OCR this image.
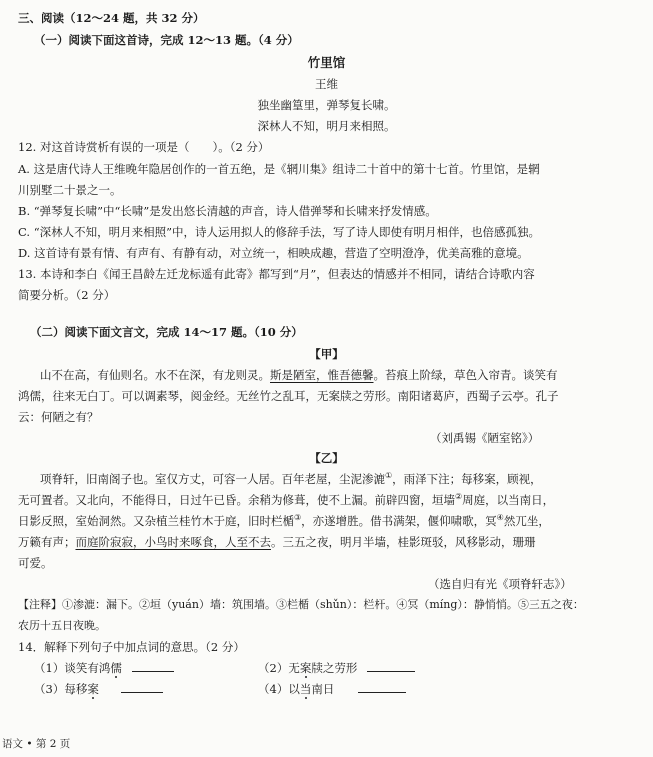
三、阅读（12～24 题，共 32 分）
（一）阅读下面这首诗，完成 12～13 题。（4 分）
竹里馆
王维
独坐幽篁里，弹琴复长啸。
深林人不知，明月来相照。
12. 对这首诗赏析有误的一项是（　　）。（2 分）
A. 这是唐代诗人王维晚年隐居创作的一首五绝，是《辋川集》组诗二十首中的第十七首。竹里馆，是辋
川别墅二十景之一。
B. “弹琴复长啸”中“长啸”是发出悠长清越的声音，诗人借弹琴和长啸来抒发情感。
C. “深林人不知，明月来相照”中，诗人运用拟人的修辞手法，写了诗人即使有明月相伴，也倍感孤独。
D. 这首诗有景有情、有声有、有静有动，对立统一，相映成趣，营造了空明澄净，优美高雅的意境。
13. 本诗和李白《闻王昌龄左迁龙标遥有此寄》都写到“月”，但表达的情感并不相同，请结合诗歌内容
简要分析。（2 分）
（二）阅读下面文言文，完成 14～17 题。（10 分）
【甲】
山不在高，有仙则名。水不在深，有龙则灵。斯是陋室，惟吾德馨。苔痕上阶绿，草色入帘青。谈笑有
鸿儒，往来无白丁。可以调素琴，阅金经。无丝竹之乱耳，无案牍之劳形。南阳诸葛庐，西蜀子云亭。孔子
云：何陋之有？
（刘禹锡《陋室铭》）
【乙】
项脊轩，旧南阁子也。室仅方丈，可容一人居。百年老屋，尘泥渗漉①，雨泽下注；每移案，顾视，
无可置者。又北向，不能得日，日过午已昏。余稍为修葺，使不上漏。前辟四窗，垣墙②周庭，以当南日，
日影反照，室始洞然。又杂植兰桂竹木于庭，旧时栏楯③，亦遂增胜。借书满架，偃仰啸歌，冥④然兀坐，
万籁有声；而庭阶寂寂，小鸟时来啄食，人至不去。三五之夜，明月半墙，桂影斑驳，风移影动，珊珊
可爱。
（选自归有光《项脊轩志》）
【注释】①渗漉：漏下。②垣（yuán）墙：筑围墙。③栏楯（shǔn）：栏杆。④冥（míng）：静悄悄。⑤三五之夜：
农历十五日夜晚。
14．解释下列句子中加点词的意思。（2 分）
（1）谈笑有鸿儒	（2）无案牍之劳形
（3）每移案	（4）以当南日
语文 • 第 2 页
